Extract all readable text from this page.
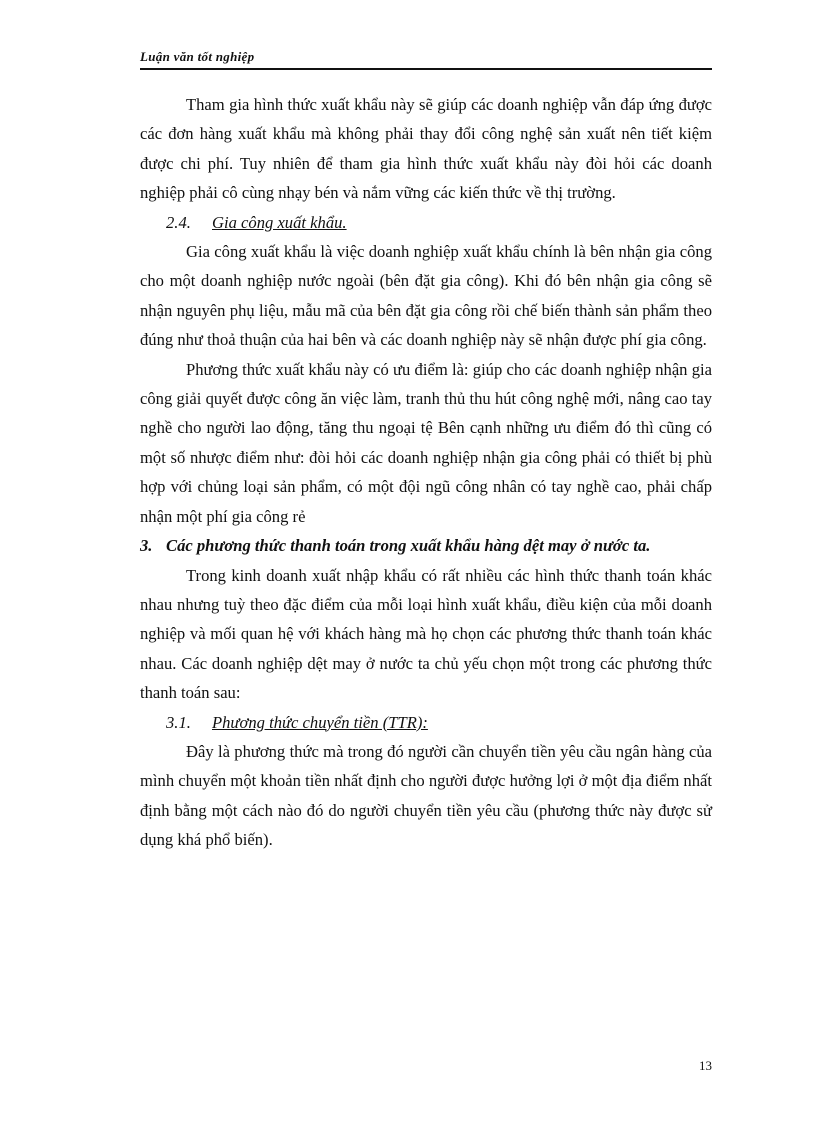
Luận văn tốt nghiệp

Tham gia hình thức xuất khẩu này sẽ giúp các doanh nghiệp vẫn đáp ứng được các đơn hàng xuất khẩu mà không phải thay đổi công nghệ sản xuất nên tiết kiệm được chi phí. Tuy nhiên để tham gia hình thức xuất khẩu này đòi hỏi các doanh nghiệp phải cô cùng nhạy bén và nắm vững các kiến thức về thị trường.

2.4. Gia công xuất khẩu.

Gia công xuất khẩu là việc doanh nghiệp xuất khẩu chính là bên nhận gia công cho một doanh nghiệp nước ngoài (bên đặt gia công). Khi đó bên nhận gia công sẽ nhận nguyên phụ liệu, mẫu mã của bên đặt gia công rồi chế biến thành sản phẩm theo đúng như thoả thuận của hai bên và các doanh nghiệp này sẽ nhận được phí gia công.

Phương thức xuất khẩu này có ưu điểm là: giúp cho các doanh nghiệp nhận gia công giải quyết được công ăn việc làm, tranh thủ thu hút công nghệ mới, nâng cao tay nghề cho người lao động, tăng thu ngoại tệ Bên cạnh những ưu điểm đó thì cũng có một số nhược điểm như: đòi hỏi các doanh nghiệp nhận gia công phải có thiết bị phù hợp với chủng loại sản phẩm, có một đội ngũ công nhân có tay nghề cao, phải chấp nhận một phí gia công rẻ

3. Các phương thức thanh toán trong xuất khẩu hàng dệt may ở nước ta.

Trong kinh doanh xuất nhập khẩu có rất nhiều các hình thức thanh toán khác nhau nhưng tuỳ theo đặc điểm của mỗi loại hình xuất khẩu, điều kiện của mỗi doanh nghiệp và mối quan hệ với khách hàng mà họ chọn các phương thức thanh toán khác nhau. Các doanh nghiệp dệt may ở nước ta chủ yếu chọn một trong các phương thức thanh toán sau:

3.1. Phương thức chuyển tiền (TTR):

Đây là phương thức mà trong đó người cần chuyển tiền yêu cầu ngân hàng của mình chuyển một khoản tiền nhất định cho người được hưởng lợi ở một địa điểm nhất định bằng một cách nào đó do người chuyển tiền yêu cầu (phương thức này được sử dụng khá phổ biến).

13
